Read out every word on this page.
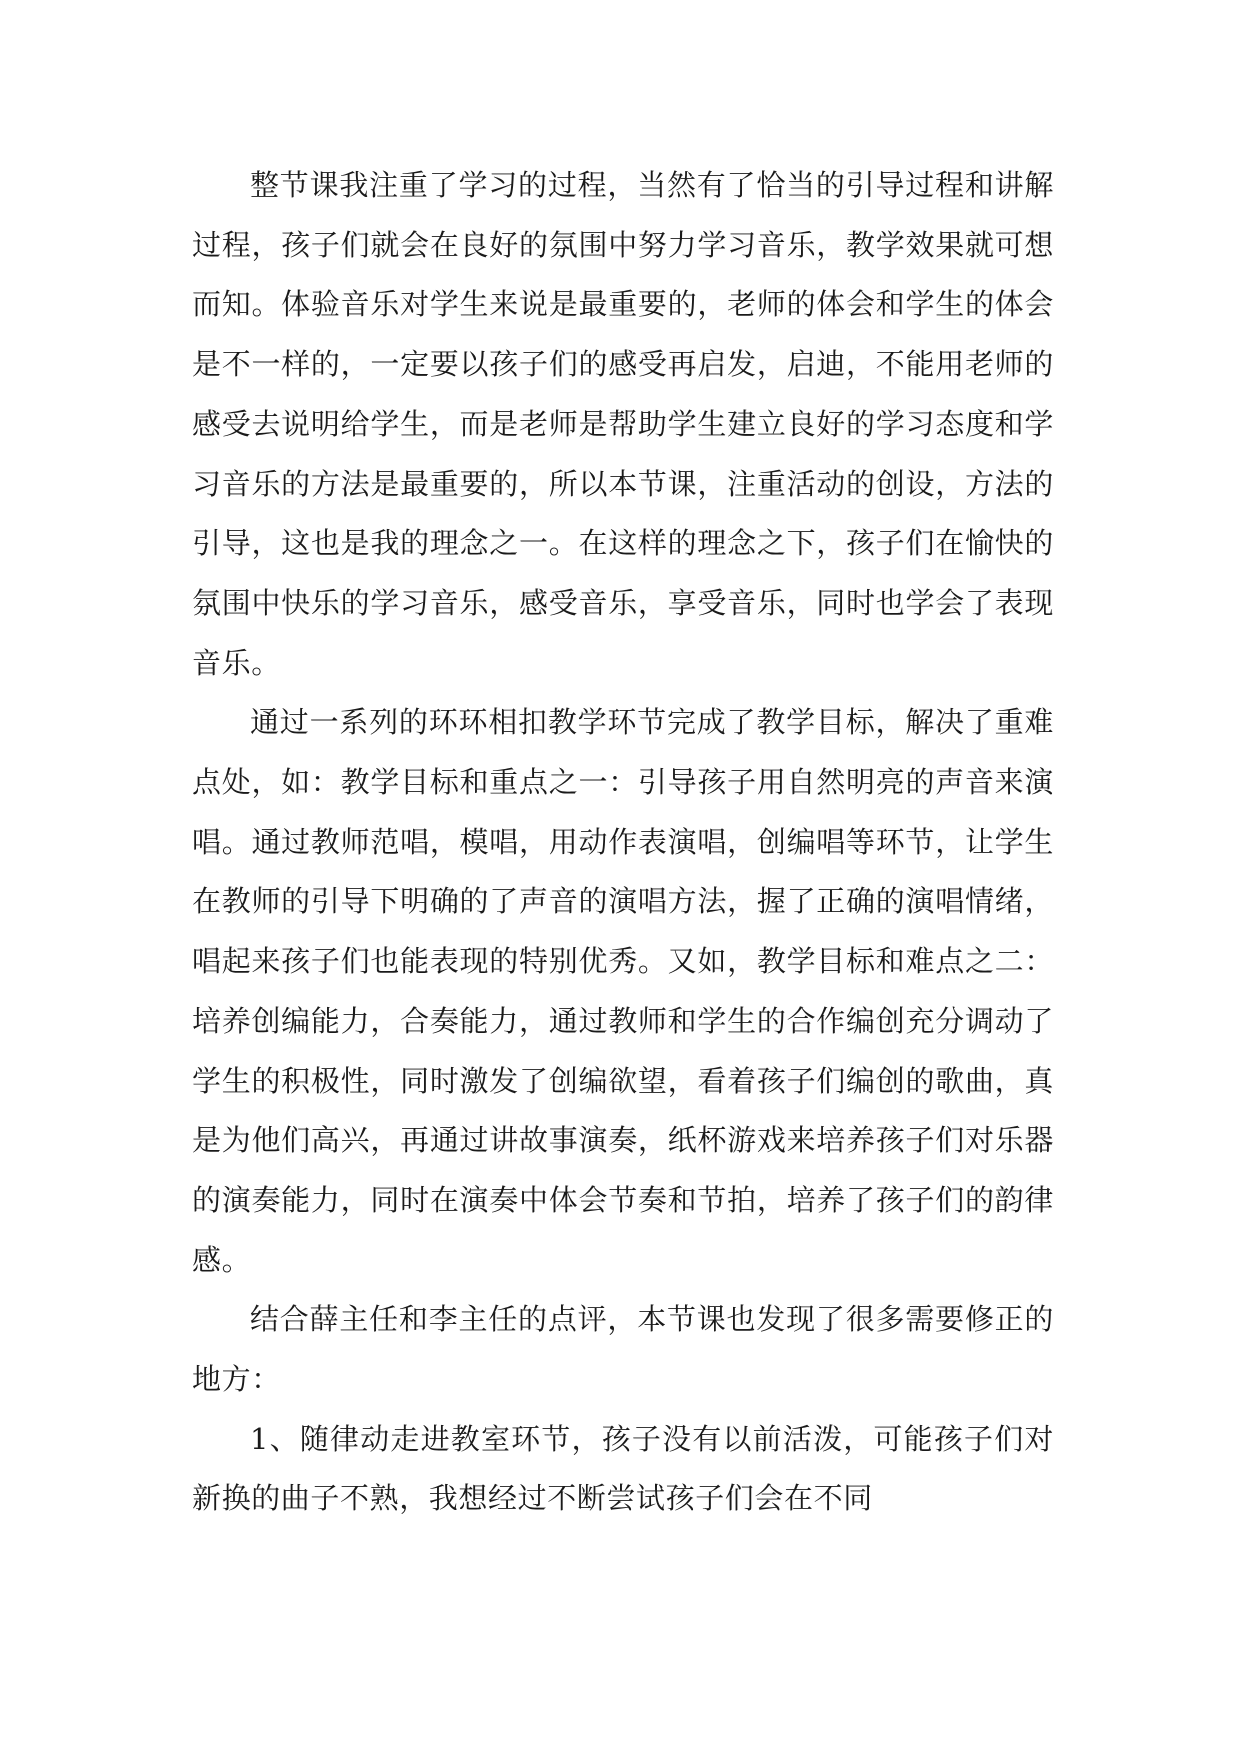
整节课我注重了学习的过程，当然有了恰当的引导过程和讲解过程，孩子们就会在良好的氛围中努力学习音乐，教学效果就可想而知。体验音乐对学生来说是最重要的，老师的体会和学生的体会是不一样的，一定要以孩子们的感受再启发，启迪，不能用老师的感受去说明给学生，而是老师是帮助学生建立良好的学习态度和学习音乐的方法是最重要的，所以本节课，注重活动的创设，方法的引导，这也是我的理念之一。在这样的理念之下，孩子们在愉快的氛围中快乐的学习音乐，感受音乐，享受音乐，同时也学会了表现音乐。

通过一系列的环环相扣教学环节完成了教学目标，解决了重难点处，如：教学目标和重点之一：引导孩子用自然明亮的声音来演唱。通过教师范唱，模唱，用动作表演唱，创编唱等环节，让学生在教师的引导下明确的了声音的演唱方法，握了正确的演唱情绪，唱起来孩子们也能表现的特别优秀。又如，教学目标和难点之二：培养创编能力，合奏能力，通过教师和学生的合作编创充分调动了学生的积极性，同时激发了创编欲望，看着孩子们编创的歌曲，真是为他们高兴，再通过讲故事演奏，纸杯游戏来培养孩子们对乐器的演奏能力，同时在演奏中体会节奏和节拍，培养了孩子们的韵律感。

结合薛主任和李主任的点评，本节课也发现了很多需要修正的地方：

1、随律动走进教室环节，孩子没有以前活泼，可能孩子们对新换的曲子不熟，我想经过不断尝试孩子们会在不同
